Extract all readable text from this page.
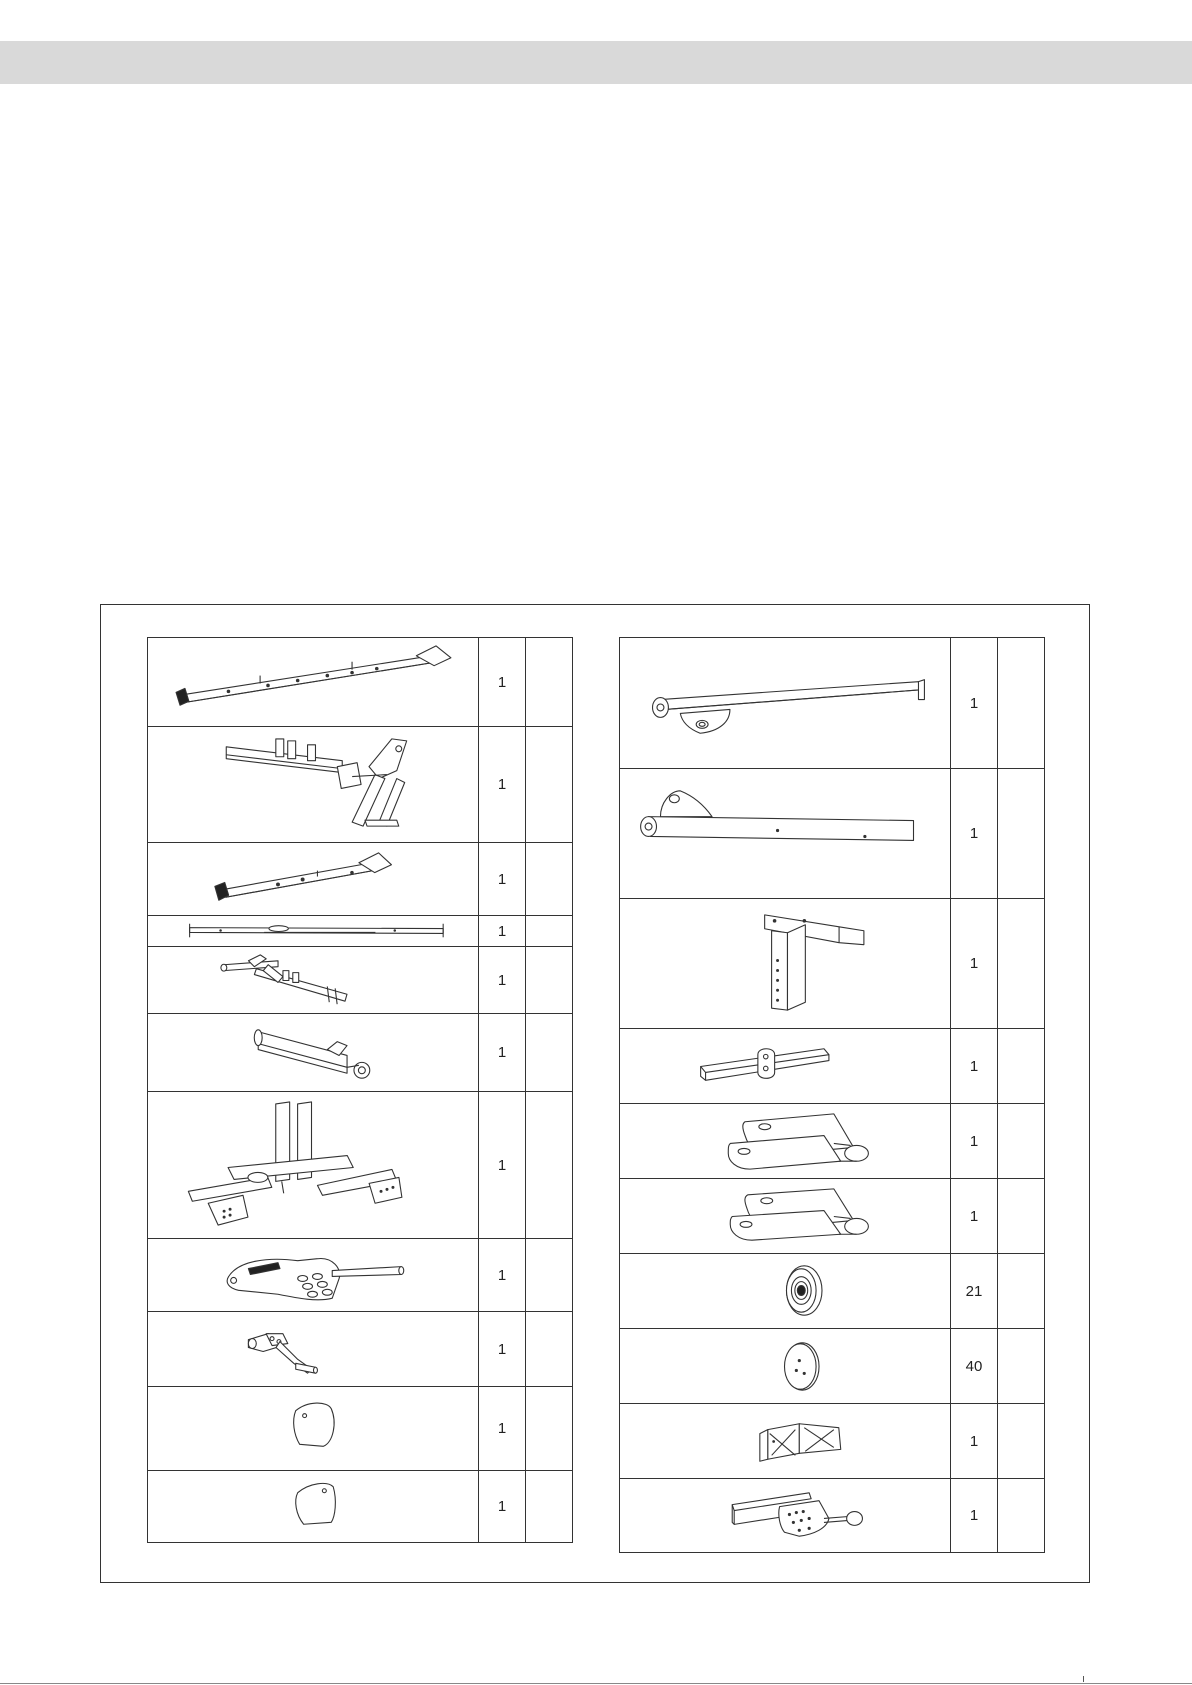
	1	

	1	

	1	

	1	

	1	

	1	

	1	

	1	

	1	

	1	

	1	
	1	

	1	

	1	

	1	

	1	

	1	

	21	

	40	

	1	

	1	
